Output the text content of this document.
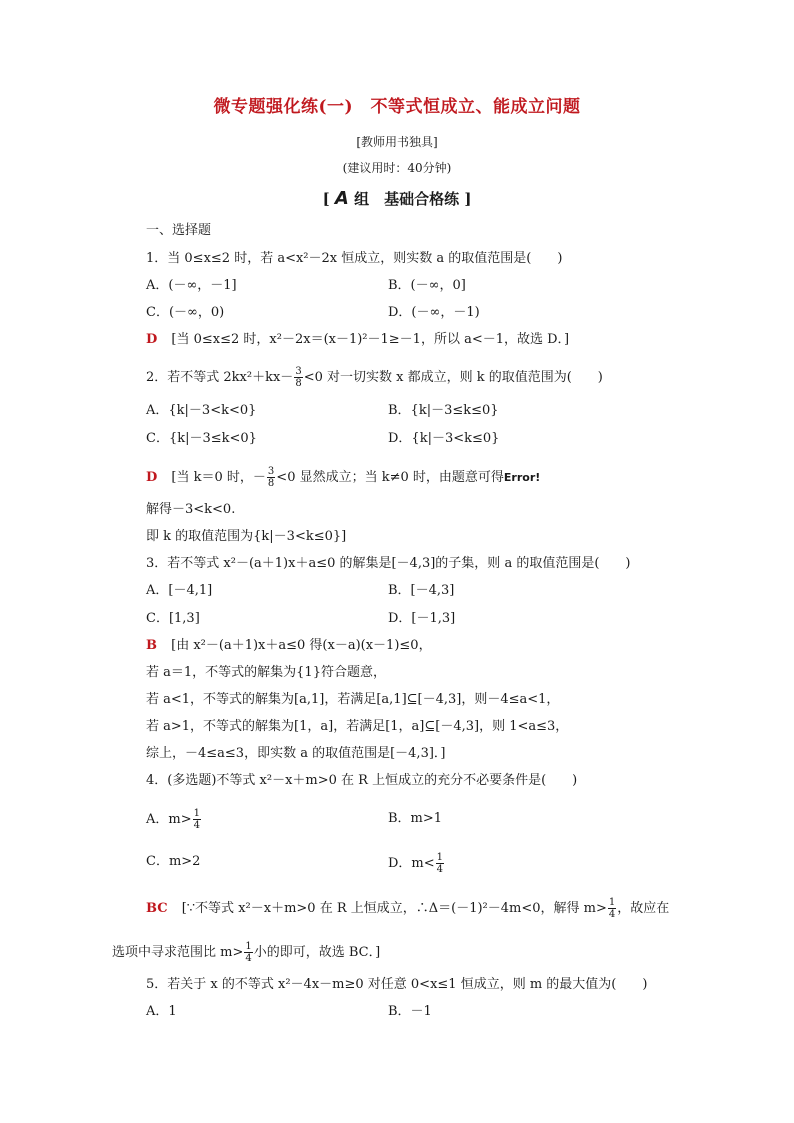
微专题强化练(一)　不等式恒成立、能成立问题
[教师用书独具]
(建议用时：40分钟)
[ A 组　基础合格练 ]
一、选择题
1．当 0≤x≤2 时，若 a<x²－2x 恒成立，则实数 a 的取值范围是(　　)
A．(－∞，－1]	B．(－∞，0]
C．(－∞，0)	D．(－∞，－1)
D [当 0≤x≤2 时，x²－2x＝(x－1)²－1≥－1，所以 a<－1，故选 D．]
2．若不等式 $2kx^2+kx- \frac{3}{8} <0$ 对一切实数 x 都成立，则 k 的取值范围为(　　)
A．{k|－3<k<0}	B．{k|－3≤k≤0}
C．{k|－3≤k<0}	D．{k|－3<k≤0}
D [当 k＝0 时，－ $\frac{3}{8} <0$ 显然成立；当 k≠0 时，由题意可得Error!
解得－3<k<0.
即 k 的取值范围为{k|－3<k≤0}]
3．若不等式 x²－(a＋1)x＋a≤0 的解集是[－4,3]的子集，则 a 的取值范围是(　　)
A．[－4,1]	B．[－4,3]
C．[1,3]	D．[－1,3]
B [由 x²－(a＋1)x＋a≤0 得(x－a)(x－1)≤0，
若 a＝1，不等式的解集为{1}符合题意，
若 a<1，不等式的解集为[a,1]，若满足[a,1]⊆[－4,3]，则－4≤a<1，
若 a>1，不等式的解集为[1，a]，若满足[1，a]⊆[－4,3]，则 1<a≤3，
综上，－4≤a≤3，即实数 a 的取值范围是[－4,3]．]
4．(多选题)不等式 x²－x＋m>0 在 R 上恒成立的充分不必要条件是(　　)
A．$m> \frac{1}{4}$	B．m>1
C．m>2	D．$m< \frac{1}{4}$
BC [∵不等式 x²－x＋m>0 在 R 上恒成立，∴Δ＝(－1)²－4m<0，解得 $m> \frac{1}{4}$ ，故应在
选项中寻求范围比 $m> \frac{1}{4}$ 小的即可，故选 BC．]
5．若关于 x 的不等式 x²－4x－m≥0 对任意 0<x≤1 恒成立，则 m 的最大值为(　　)
A．1	B．－1
